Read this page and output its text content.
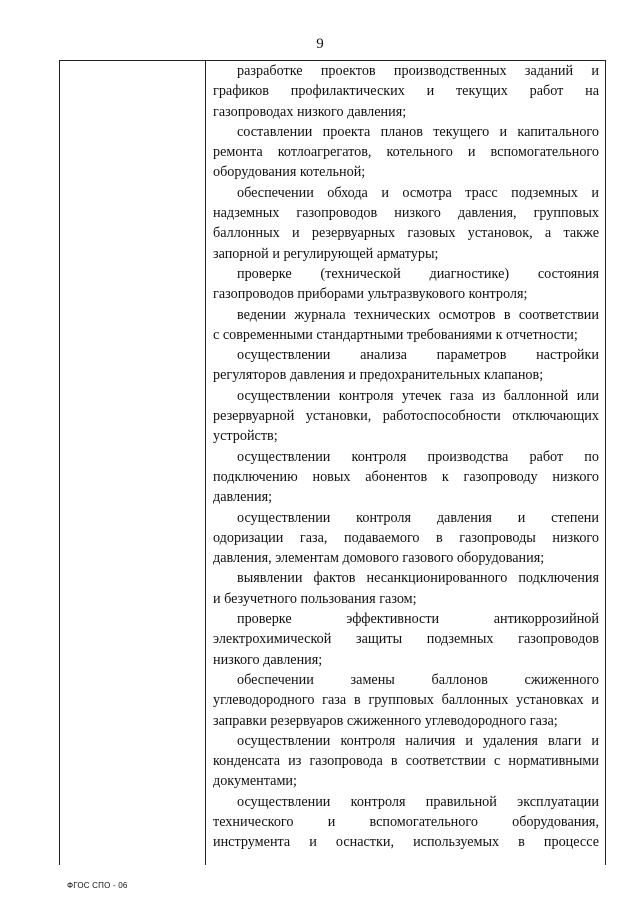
9
разработке проектов производственных заданий и
графиков профилактических и текущих работ на
газопроводах низкого давления;
составлении проекта планов текущего и капитального
ремонта котлоагрегатов, котельного и вспомогательного
оборудования котельной;
обеспечении обхода и осмотра трасс подземных и
надземных газопроводов низкого давления, групповых
баллонных и резервуарных газовых установок, а также
запорной и регулирующей арматуры;
проверке (технической диагностике) состояния
газопроводов приборами ультразвукового контроля;
ведении журнала технических осмотров в соответствии
с современными стандартными требованиями к отчетности;
осуществлении анализа параметров настройки
регуляторов давления и предохранительных клапанов;
осуществлении контроля утечек газа из баллонной или
резервуарной установки, работоспособности отключающих
устройств;
осуществлении контроля производства работ по
подключению новых абонентов к газопроводу низкого
давления;
осуществлении контроля давления и степени
одоризации газа, подаваемого в газопроводы низкого
давления, элементам домового газового оборудования;
выявлении фактов несанкционированного подключения
и безучетного пользования газом;
проверке эффективности антикоррозийной
электрохимической защиты подземных газопроводов
низкого давления;
обеспечении замены баллонов сжиженного
углеводородного газа в групповых баллонных установках и
заправки резервуаров сжиженного углеводородного газа;
осуществлении контроля наличия и удаления влаги и
конденсата из газопровода в соответствии с нормативными
документами;
осуществлении контроля правильной эксплуатации
технического и вспомогательного оборудования,
инструмента и оснастки, используемых в процессе
ФГОС СПО - 06
